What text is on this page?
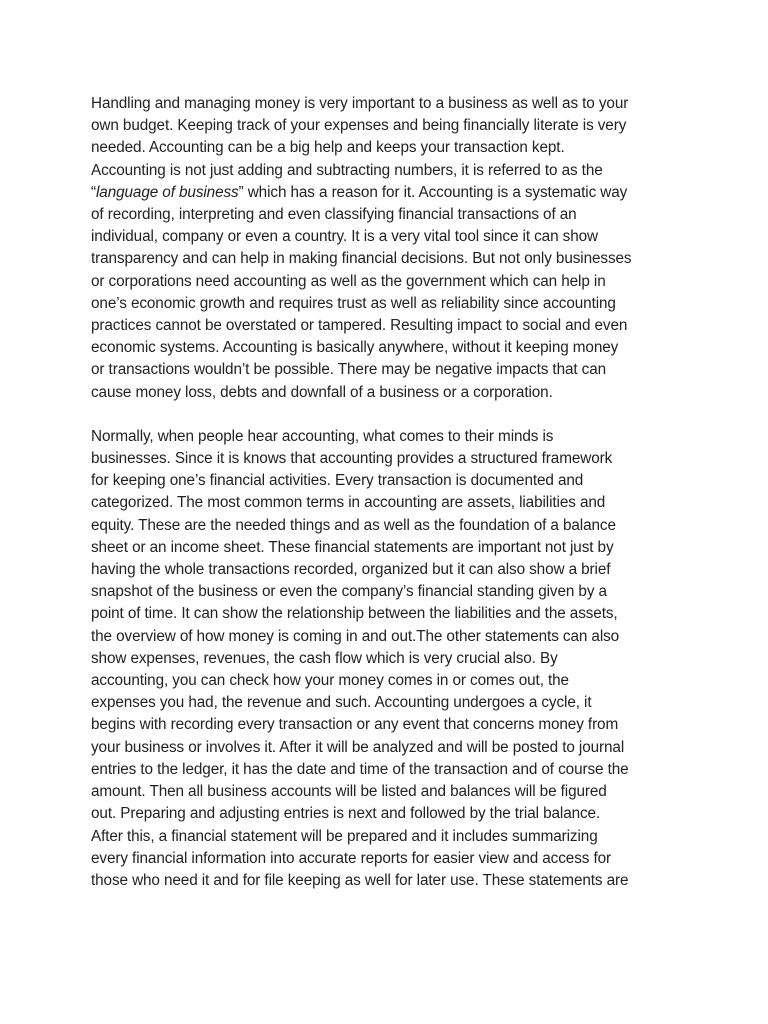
Handling and managing money is very important to a business as well as to your
own budget. Keeping track of your expenses and being financially literate is very
needed. Accounting can be a big help and keeps your transaction kept.
Accounting is not just adding and subtracting numbers, it is referred to as the
“language of business” which has a reason for it. Accounting is a systematic way
of recording, interpreting and even classifying financial transactions of an
individual, company or even a country. It is a very vital tool since it can show
transparency and can help in making financial decisions. But not only businesses
or corporations need accounting as well as the government which can help in
one’s economic growth and requires trust as well as reliability since accounting
practices cannot be overstated or tampered. Resulting impact to social and even
economic systems. Accounting is basically anywhere, without it keeping money
or transactions wouldn’t be possible. There may be negative impacts that can
cause money loss, debts and downfall of a business or a corporation.

Normally, when people hear accounting, what comes to their minds is
businesses. Since it is knows that accounting provides a structured framework
for keeping one’s financial activities. Every transaction is documented and
categorized. The most common terms in accounting are assets, liabilities and
equity. These are the needed things and as well as the foundation of a balance
sheet or an income sheet. These financial statements are important not just by
having the whole transactions recorded, organized but it can also show a brief
snapshot of the business or even the company’s financial standing given by a
point of time. It can show the relationship between the liabilities and the assets,
the overview of how money is coming in and out.The other statements can also
show expenses, revenues, the cash flow which is very crucial also. By
accounting, you can check how your money comes in or comes out, the
expenses you had, the revenue and such. Accounting undergoes a cycle, it
begins with recording every transaction or any event that concerns money from
your business or involves it. After it will be analyzed and will be posted to journal
entries to the ledger, it has the date and time of the transaction and of course the
amount. Then all business accounts will be listed and balances will be figured
out. Preparing and adjusting entries is next and followed by the trial balance.
After this, a financial statement will be prepared and it includes summarizing
every financial information into accurate reports for easier view and access for
those who need it and for file keeping as well for later use. These statements are
